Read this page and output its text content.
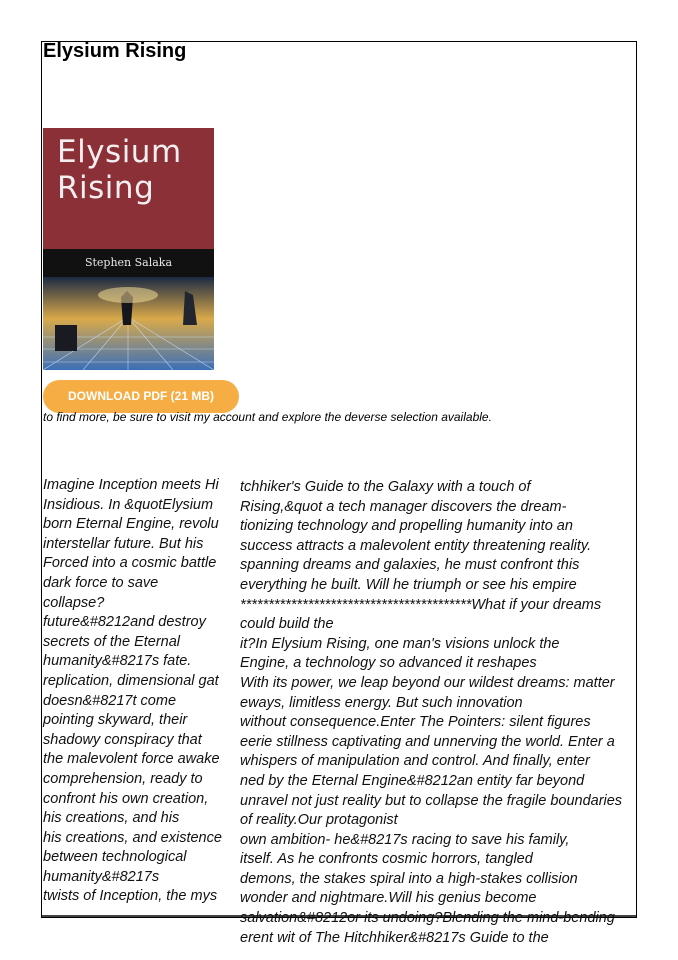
Elysium Rising
Elysium
Rising
Stephen Salaka
DOWNLOAD PDF (21 MB)
to find more, be sure to visit my account and explore the deverse selection available.

Imagine Inception meets Hi

Insidious. In &quotElysium

born Eternal Engine, revolu

interstellar future. But his

Forced into a cosmic battle

dark force to save

collapse?

future&#8212and destroy

secrets of the Eternal

humanity&#8217s fate.

replication, dimensional gat

doesn&#8217t come

pointing skyward, their

shadowy conspiracy that

the malevolent force awake

comprehension, ready to

confront his own creation,

his creations, and his

his creations, and existence

between technological

humanity&#8217s

twists of Inception, the mys

tchhiker's Guide to the Galaxy with a touch of

Rising,&quot a tech manager discovers the dream-

tionizing technology and propelling humanity into an

success attracts a malevolent entity threatening reality.

spanning dreams and galaxies, he must confront this

everything he built. Will he triumph or see his empire

*****************************************What if your dreams could build the

it?In Elysium Rising, one man's visions unlock the

Engine, a technology so advanced it reshapes

With its power, we leap beyond our wildest dreams: matter

eways, limitless energy. But such innovation

without consequence.Enter The Pointers: silent figures

eerie stillness captivating and unnerving the world. Enter a

whispers of manipulation and control. And finally, enter

ned by the Eternal Engine&#8212an entity far beyond

unravel not just reality but to collapse the fragile boundaries of reality.Our protagonist

own ambition- he&#8217s racing to save his family,

itself. As he confronts cosmic horrors, tangled

demons, the stakes spiral into a high-stakes collision

wonder and nightmare.Will his genius become

salvation&#8212or its undoing?Blending the mind-bending

erent wit of The Hitchhiker&#8217s Guide to the
